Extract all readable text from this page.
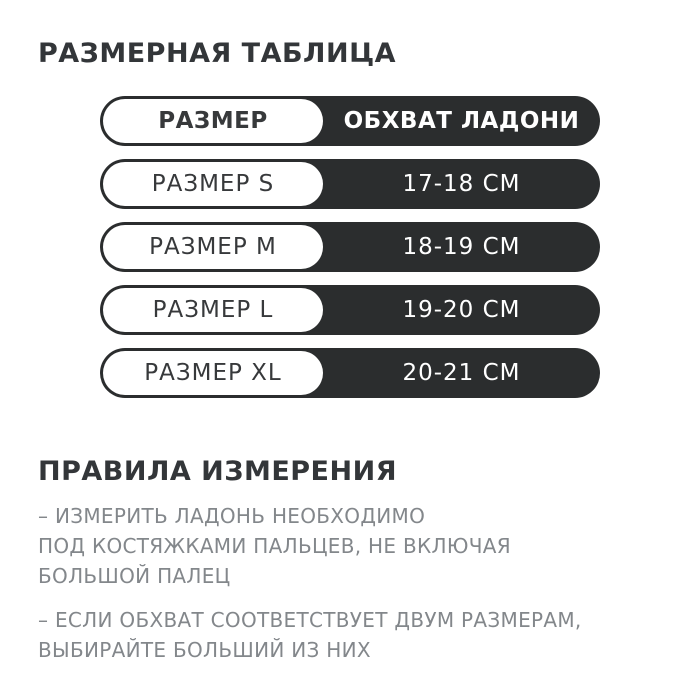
РАЗМЕРНАЯ ТАБЛИЦА
РАЗМЕР	ОБХВАТ ЛАДОНИ
РАЗМЕР S	17-18 СМ
РАЗМЕР M	18-19 СМ
РАЗМЕР L	19-20 СМ
РАЗМЕР XL	20-21 СМ
ПРАВИЛА ИЗМЕРЕНИЯ
– ИЗМЕРИТЬ ЛАДОНЬ НЕОБХОДИМО
ПОД КОСТЯЖКАМИ ПАЛЬЦЕВ, НЕ ВКЛЮЧАЯ
БОЛЬШОЙ ПАЛЕЦ
– ЕСЛИ ОБХВАТ СООТВЕТСТВУЕТ ДВУМ РАЗМЕРАМ,
ВЫБИРАЙТЕ БОЛЬШИЙ ИЗ НИХ
